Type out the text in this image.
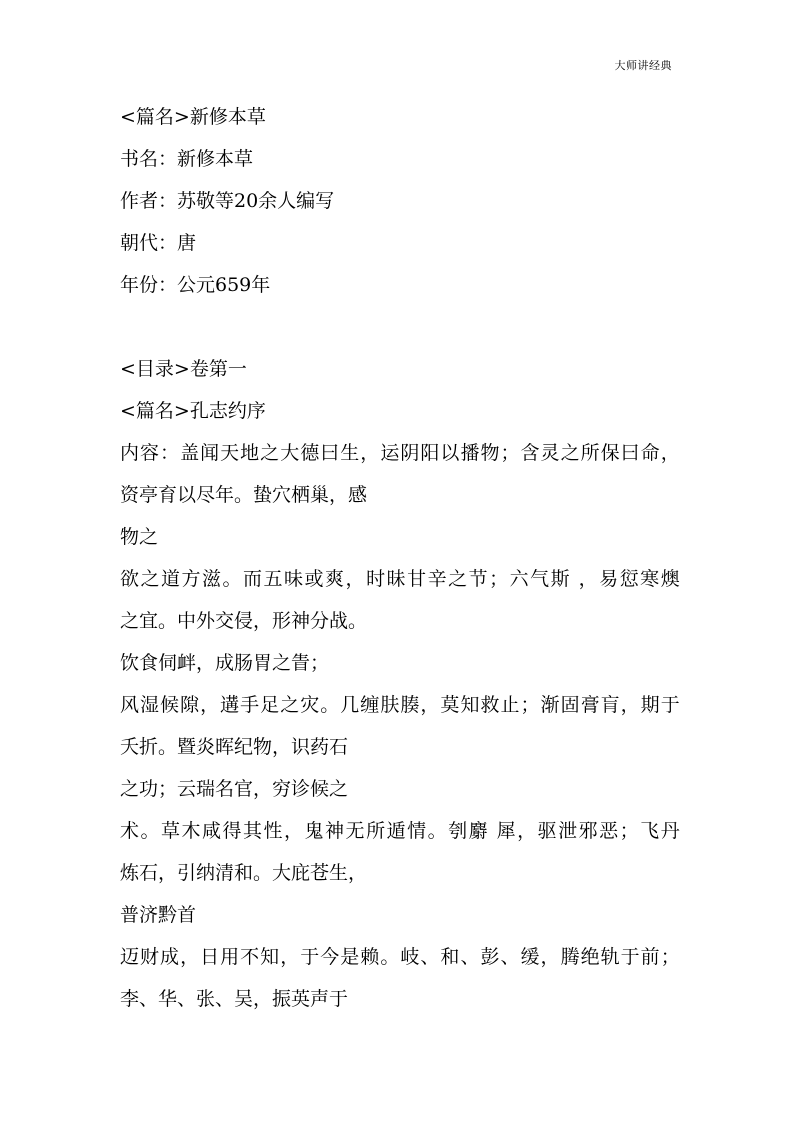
大师讲经典
<篇名>新修本草
书名：新修本草
作者：苏敬等20余人编写
朝代：唐
年份：公元659年
<目录>卷第一
<篇名>孔志约序
内容：盖闻天地之大德曰生，运阴阳以播物；含灵之所保曰命，
资亭育以尽年。蛰穴栖巢，感
物之
欲之道方滋。而五味或爽，时昧甘辛之节；六气斯 ，易愆寒燠
之宜。中外交侵，形神分战。
饮食伺衅，成肠胃之眚；
风湿候隙，遘手足之灾。几缠肤腠，莫知救止；渐固膏肓，期于
夭折。暨炎晖纪物，识药石
之功；云瑞名官，穷诊候之
术。草木咸得其性，鬼神无所遁情。刳麝 犀，驱泄邪恶；飞丹
炼石，引纳清和。大庇苍生，
普济黔首
迈财成，日用不知，于今是赖。岐、和、彭、缓，腾绝轨于前；
李、华、张、吴，振英声于
